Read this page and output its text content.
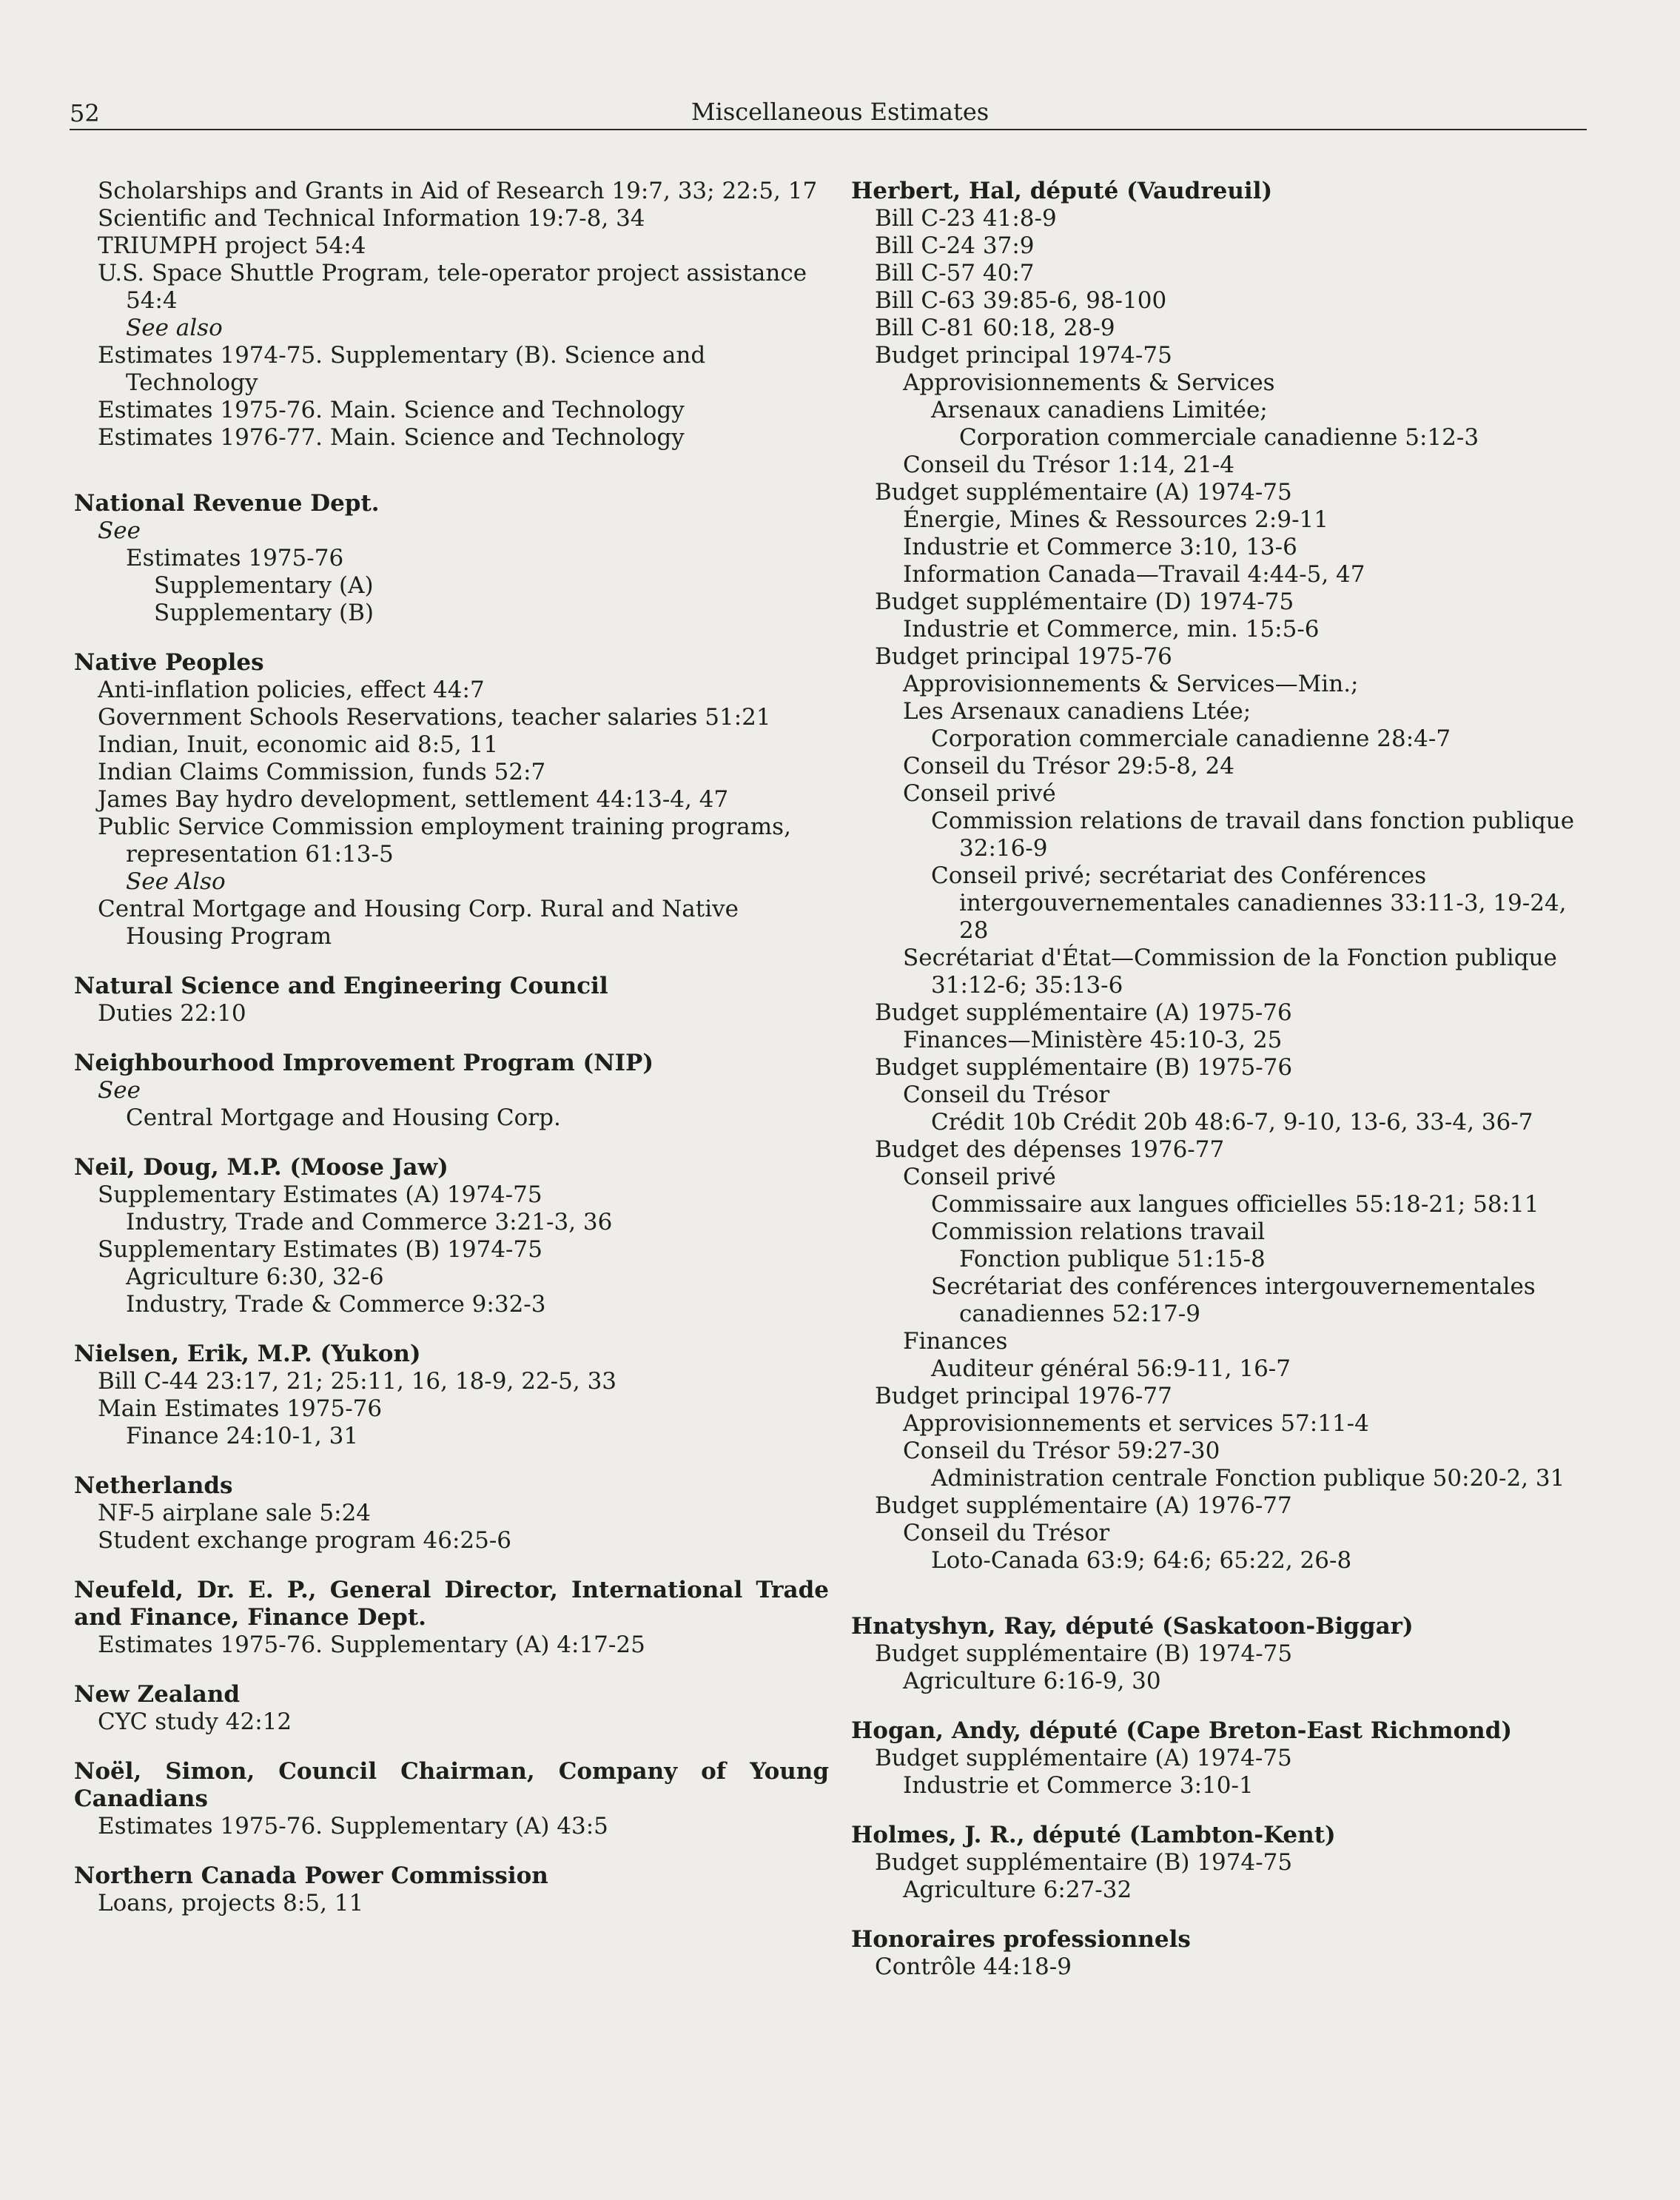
52	Miscellaneous Estimates
Scholarships and Grants in Aid of Research 19:7, 33; 22:5, 17
Scientific and Technical Information 19:7-8, 34
TRIUMPH project 54:4
U.S. Space Shuttle Program, tele-operator project assistance 54:4
See also
Estimates 1974-75. Supplementary (B). Science and Technology
Estimates 1975-76. Main. Science and Technology
Estimates 1976-77. Main. Science and Technology
National Revenue Dept.
See
Estimates 1975-76
Supplementary (A)
Supplementary (B)
Native Peoples
Anti-inflation policies, effect 44:7
Government Schools Reservations, teacher salaries 51:21
Indian, Inuit, economic aid 8:5, 11
Indian Claims Commission, funds 52:7
James Bay hydro development, settlement 44:13-4, 47
Public Service Commission employment training programs, representation 61:13-5
See Also
Central Mortgage and Housing Corp. Rural and Native Housing Program
Natural Science and Engineering Council
Duties 22:10
Neighbourhood Improvement Program (NIP)
See
Central Mortgage and Housing Corp.
Neil, Doug, M.P. (Moose Jaw)
Supplementary Estimates (A) 1974-75
Industry, Trade and Commerce 3:21-3, 36
Supplementary Estimates (B) 1974-75
Agriculture 6:30, 32-6
Industry, Trade & Commerce 9:32-3
Nielsen, Erik, M.P. (Yukon)
Bill C-44 23:17, 21; 25:11, 16, 18-9, 22-5, 33
Main Estimates 1975-76
Finance 24:10-1, 31
Netherlands
NF-5 airplane sale 5:24
Student exchange program 46:25-6
Neufeld, Dr. E. P., General Director, International Trade and Finance, Finance Dept.
Estimates 1975-76. Supplementary (A) 4:17-25
New Zealand
CYC study 42:12
Noël, Simon, Council Chairman, Company of Young Canadians
Estimates 1975-76. Supplementary (A) 43:5
Northern Canada Power Commission
Loans, projects 8:5, 11
Herbert, Hal, député (Vaudreuil)
Bill C-23 41:8-9
Bill C-24 37:9
Bill C-57 40:7
Bill C-63 39:85-6, 98-100
Bill C-81 60:18, 28-9
Budget principal 1974-75
Approvisionnements & Services
Arsenaux canadiens Limitée;
Corporation commerciale canadienne 5:12-3
Conseil du Trésor 1:14, 21-4
Budget supplémentaire (A) 1974-75
Énergie, Mines & Ressources 2:9-11
Industrie et Commerce 3:10, 13-6
Information Canada—Travail 4:44-5, 47
Budget supplémentaire (D) 1974-75
Industrie et Commerce, min. 15:5-6
Budget principal 1975-76
Approvisionnements & Services—Min.;
Les Arsenaux canadiens Ltée;
Corporation commerciale canadienne 28:4-7
Conseil du Trésor 29:5-8, 24
Conseil privé
Commission relations de travail dans fonction publique 32:16-9
Conseil privé; secrétariat des Conférences intergouvernementales canadiennes 33:11-3, 19-24, 28
Secrétariat d'État—Commission de la Fonction publique 31:12-6; 35:13-6
Budget supplémentaire (A) 1975-76
Finances—Ministère 45:10-3, 25
Budget supplémentaire (B) 1975-76
Conseil du Trésor
Crédit 10b Crédit 20b 48:6-7, 9-10, 13-6, 33-4, 36-7
Budget des dépenses 1976-77
Conseil privé
Commissaire aux langues officielles 55:18-21; 58:11
Commission relations travail
Fonction publique 51:15-8
Secrétariat des conférences intergouvernementales canadiennes 52:17-9
Finances
Auditeur général 56:9-11, 16-7
Budget principal 1976-77
Approvisionnements et services 57:11-4
Conseil du Trésor 59:27-30
Administration centrale Fonction publique 50:20-2, 31
Budget supplémentaire (A) 1976-77
Conseil du Trésor
Loto-Canada 63:9; 64:6; 65:22, 26-8
Hnatyshyn, Ray, député (Saskatoon-Biggar)
Budget supplémentaire (B) 1974-75
Agriculture 6:16-9, 30
Hogan, Andy, député (Cape Breton-East Richmond)
Budget supplémentaire (A) 1974-75
Industrie et Commerce 3:10-1
Holmes, J. R., député (Lambton-Kent)
Budget supplémentaire (B) 1974-75
Agriculture 6:27-32
Honoraires professionnels
Contrôle 44:18-9
